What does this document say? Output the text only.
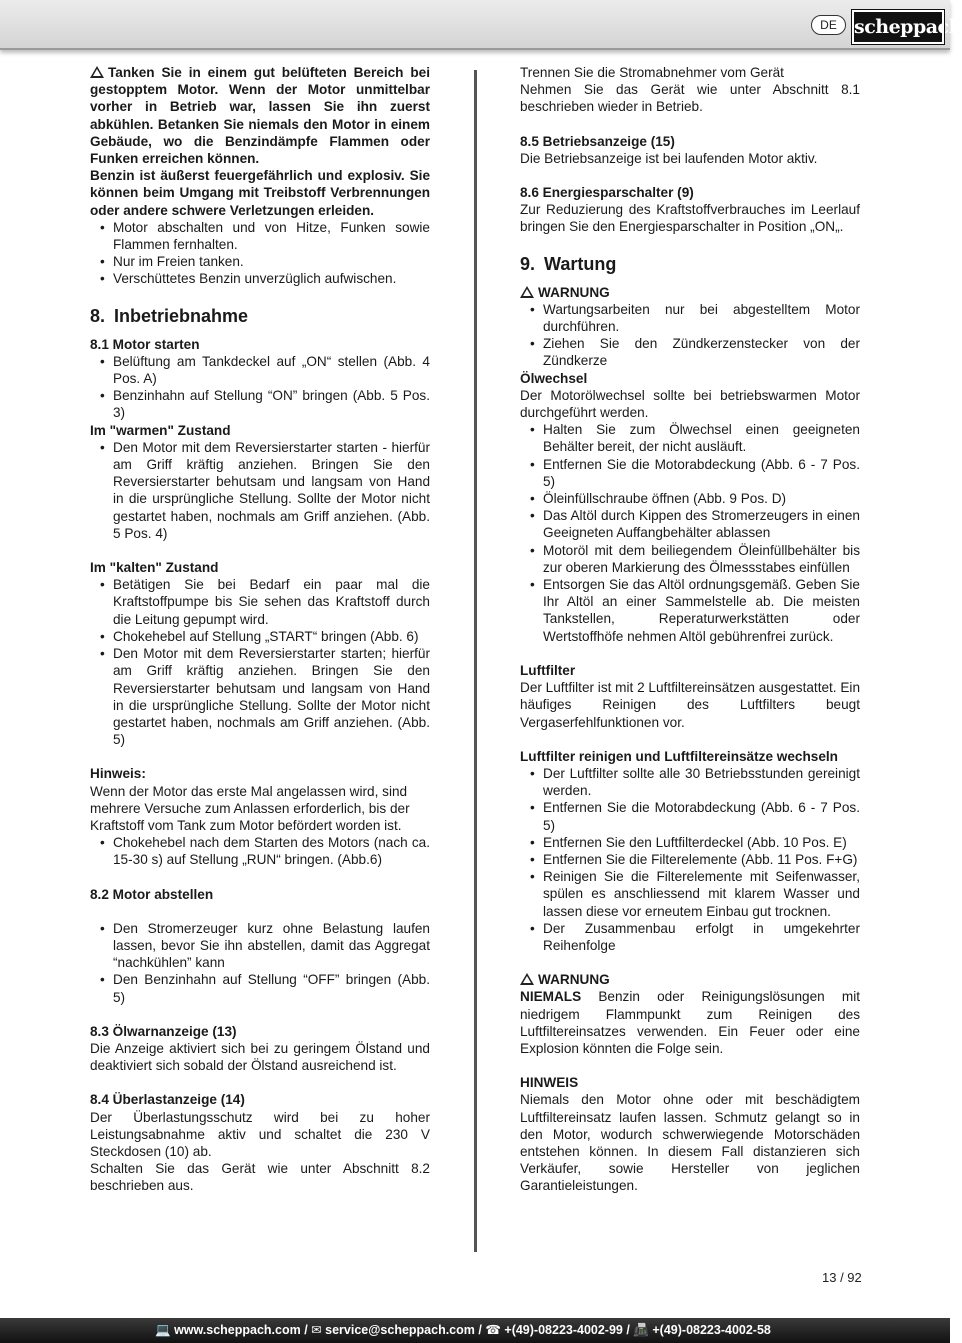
DE scheppach

Tanken Sie in einem gut belüfteten Bereich bei gestopptem Motor. Wenn der Motor unmittelbar vorher in Betrieb war, lassen Sie ihn zuerst abkühlen. Betanken Sie niemals den Motor in einem Gebäude, wo die Benzindämpfe Flammen oder Funken erreichen können.

Benzin ist äußerst feuergefährlich und explosiv. Sie können beim Umgang mit Treibstoff Verbrennungen oder andere schwere Verletzungen erleiden.

• Motor abschalten und von Hitze, Funken sowie Flammen fernhalten.
• Nur im Freien tanken.
• Verschüttetes Benzin unverzüglich aufwischen.
8. Inbetriebnahme
8.1 Motor starten
• Belüftung am Tankdeckel auf „ON“ stellen (Abb. 4 Pos. A)
• Benzinhahn auf Stellung “ON” bringen (Abb. 5 Pos. 3)
Im "warmen" Zustand
• Den Motor mit dem Reversierstarter starten - hierfür am Griff kräftig anziehen. Bringen Sie den Reversierstarter behutsam und langsam von Hand in die ursprüngliche Stellung. Sollte der Motor nicht gestartet haben, nochmals am Griff anziehen. (Abb. 5 Pos. 4)
Im "kalten" Zustand
• Betätigen Sie bei Bedarf ein paar mal die Kraftstoffpumpe bis Sie sehen das Kraftstoff durch die Leitung gepumpt wird.
• Chokehebel auf Stellung „START“ bringen (Abb. 6)
• Den Motor mit dem Reversierstarter starten; hierfür am Griff kräftig anziehen. Bringen Sie den Reversierstarter behutsam und langsam von Hand in die ursprüngliche Stellung. Sollte der Motor nicht gestartet haben, nochmals am Griff anziehen. (Abb. 5)
Hinweis:

Wenn der Motor das erste Mal angelassen wird, sind mehrere Versuche zum Anlassen erforderlich, bis der Kraftstoff vom Tank zum Motor befördert worden ist.

• Chokehebel nach dem Starten des Motors (nach ca. 15-30 s) auf Stellung „RUN“ bringen. (Abb.6)
8.2 Motor abstellen
• Den Stromerzeuger kurz ohne Belastung laufen lassen, bevor Sie ihn abstellen, damit das Aggregat “nachkühlen” kann
• Den Benzinhahn auf Stellung “OFF” bringen (Abb. 5)
8.3 Ölwarnanzeige (13)

Die Anzeige aktiviert sich bei zu geringem Ölstand und deaktiviert sich sobald der Ölstand ausreichend ist.

8.4 Überlastanzeige (14)

Der Überlastungsschutz wird bei zu hoher Leistungsabnahme aktiv und schaltet die 230 V Steckdosen (10) ab.

Schalten Sie das Gerät wie unter Abschnitt 8.2 beschrieben aus.

Trennen Sie die Stromabnehmer vom Gerät

Nehmen Sie das Gerät wie unter Abschnitt 8.1 beschrieben wieder in Betrieb.

8.5 Betriebsanzeige (15)

Die Betriebsanzeige ist bei laufenden Motor aktiv.

8.6 Energiesparschalter (9)

Zur Reduzierung des Kraftstoffverbrauches im Leerlauf bringen Sie den Energiesparschalter in Position „ON„.

9. Wartung
WARNUNG
• Wartungsarbeiten nur bei abgestelltem Motor durchführen.
• Ziehen Sie den Zündkerzenstecker von der Zündkerze
Ölwechsel

Der Motorölwechsel sollte bei betriebswarmen Motor durchgeführt werden.

• Halten Sie zum Ölwechsel einen geeigneten Behälter bereit, der nicht ausläuft.
• Entfernen Sie die Motorabdeckung (Abb. 6 - 7 Pos. 5)
• Öleinfüllschraube öffnen (Abb. 9 Pos. D)
• Das Altöl durch Kippen des Stromerzeugers in einen Geeigneten Auffangbehälter ablassen
• Motoröl mit dem beiliegendem Öleinfüllbehälter bis zur oberen Markierung des Ölmessstabes einfüllen
• Entsorgen Sie das Altöl ordnungsgemäß. Geben Sie Ihr Altöl an einer Sammelstelle ab. Die meisten Tankstellen, Reperaturwerkstätten oder Wertstoffhöfe nehmen Altöl gebührenfrei zurück.
Luftfilter

Der Luftfilter ist mit 2 Luftfiltereinsätzen ausgestattet. Ein häufiges Reinigen des Luftfilters beugt Vergaserfehlfunktionen vor.

Luftfilter reinigen und Luftfiltereinsätze wechseln
• Der Luftfilter sollte alle 30 Betriebsstunden gereinigt werden.
• Entfernen Sie die Motorabdeckung (Abb. 6 - 7 Pos. 5)
• Entfernen Sie den Luftfilterdeckel (Abb. 10 Pos. E)
• Entfernen Sie die Filterelemente (Abb. 11 Pos. F+G)
• Reinigen Sie die Filterelemente mit Seifenwasser, spülen es anschliessend mit klarem Wasser und lassen diese vor erneutem Einbau gut trocknen.
• Der Zusammenbau erfolgt in umgekehrter Reihenfolge
WARNUNG

NIEMALS Benzin oder Reinigungslösungen mit niedrigem Flammpunkt zum Reinigen des Luftfiltereinsatzes verwenden. Ein Feuer oder eine Explosion könnten die Folge sein.

HINWEIS

Niemals den Motor ohne oder mit beschädigtem Luftfiltereinsatz laufen lassen. Schmutz gelangt so in den Motor, wodurch schwerwiegende Motorschäden entstehen können. In diesem Fall distanzieren sich Verkäufer, sowie Hersteller von jeglichen Garantieleistungen.

13 / 92
💻 www.scheppach.com / ✉ service@scheppach.com / ☎ +(49)-08223-4002-99 / 📠 +(49)-08223-4002-58
